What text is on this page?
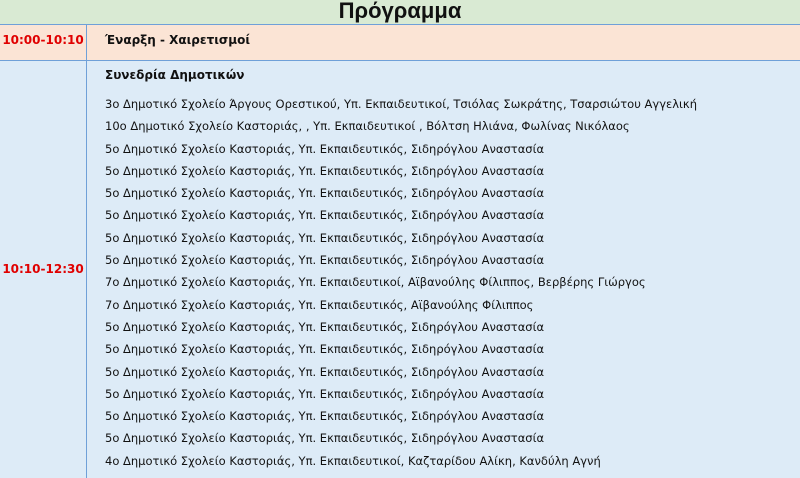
Πρόγραμμα
10:00-10:10 Έναρξη - Χαιρετισμοί
10:10-12:30
Συνεδρία Δημοτικών
3ο Δημοτικό Σχολείο Άργους Ορεστικού, Υπ. Εκπαιδευτικοί, Τσιόλας Σωκράτης, Τσαρσιώτου Αγγελική
10ο Δημοτικό Σχολείο Καστοριάς, , Υπ. Εκπαιδευτικοί , Βόλτση Ηλιάνα, Φωλίνας Νικόλαος
5ο Δημοτικό Σχολείο Καστοριάς, Υπ. Εκπαιδευτικός, Σιδηρόγλου Αναστασία
5ο Δημοτικό Σχολείο Καστοριάς, Υπ. Εκπαιδευτικός, Σιδηρόγλου Αναστασία
5ο Δημοτικό Σχολείο Καστοριάς, Υπ. Εκπαιδευτικός, Σιδηρόγλου Αναστασία
5ο Δημοτικό Σχολείο Καστοριάς, Υπ. Εκπαιδευτικός, Σιδηρόγλου Αναστασία
5ο Δημοτικό Σχολείο Καστοριάς, Υπ. Εκπαιδευτικός, Σιδηρόγλου Αναστασία
5ο Δημοτικό Σχολείο Καστοριάς, Υπ. Εκπαιδευτικός, Σιδηρόγλου Αναστασία
7ο Δημοτικό Σχολείο Καστοριάς, Υπ. Εκπαιδευτικοί, Αϊβανούλης Φίλιππος, Βερβέρης Γιώργος
7ο Δημοτικό Σχολείο Καστοριάς, Υπ. Εκπαιδευτικός, Αϊβανούλης Φίλιππος
5ο Δημοτικό Σχολείο Καστοριάς, Υπ. Εκπαιδευτικός, Σιδηρόγλου Αναστασία
5ο Δημοτικό Σχολείο Καστοριάς, Υπ. Εκπαιδευτικός, Σιδηρόγλου Αναστασία
5ο Δημοτικό Σχολείο Καστοριάς, Υπ. Εκπαιδευτικός, Σιδηρόγλου Αναστασία
5ο Δημοτικό Σχολείο Καστοριάς, Υπ. Εκπαιδευτικός, Σιδηρόγλου Αναστασία
5ο Δημοτικό Σχολείο Καστοριάς, Υπ. Εκπαιδευτικός, Σιδηρόγλου Αναστασία
5ο Δημοτικό Σχολείο Καστοριάς, Υπ. Εκπαιδευτικός, Σιδηρόγλου Αναστασία
4ο Δημοτικό Σχολείο Καστοριάς, Υπ. Εκπαιδευτικοί, Καζταρίδου Αλίκη, Κανδύλη Αγνή
